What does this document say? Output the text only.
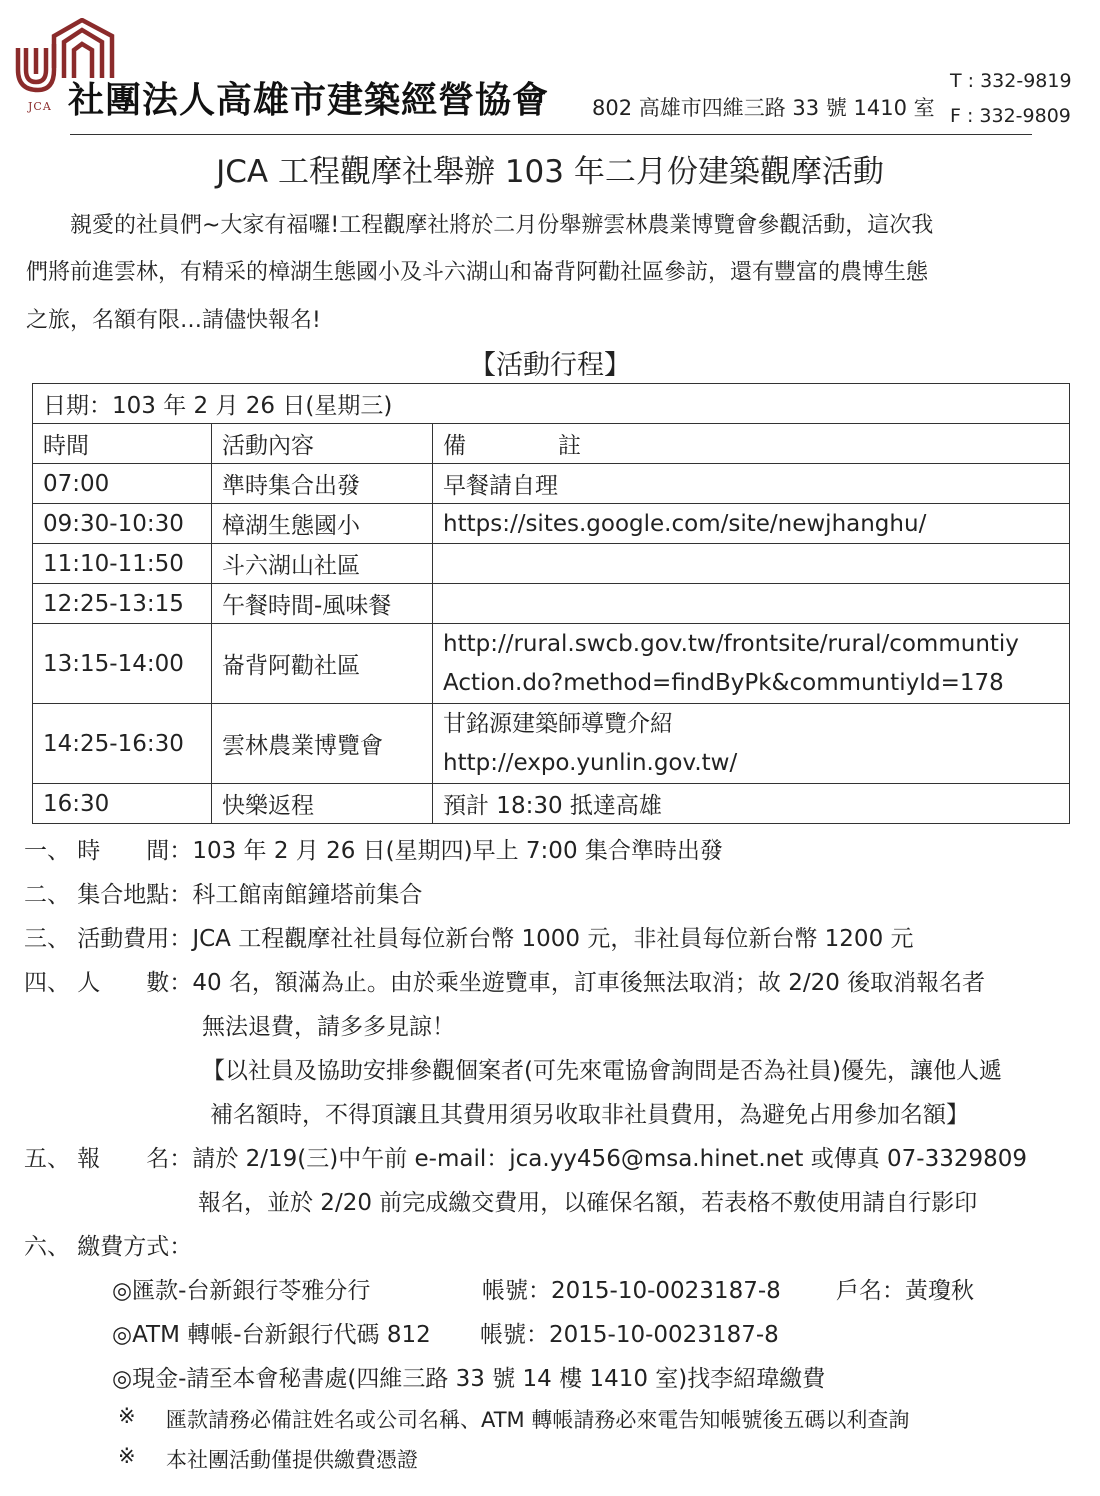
JCA 社團法人高雄市建築經營協會 802 高雄市四維三路 33 號 1410 室
T : 332-9819
F : 332-9809
JCA 工程觀摩社舉辦 103 年二月份建築觀摩活動
　　親愛的社員們~大家有福囉!工程觀摩社將於二月份舉辦雲林農業博覽會參觀活動，這次我
們將前進雲林，有精采的樟湖生態國小及斗六湖山和崙背阿勸社區參訪，還有豐富的農博生態
之旅，名額有限…請儘快報名!
【活動行程】
日期：103 年 2 月 26 日(星期三)		
時間	活動內容	備　　　　註
07:00	準時集合出發	早餐請自理
09:30-10:30	樟湖生態國小	https://sites.google.com/site/newjhanghu/
11:10-11:50	斗六湖山社區	
12:25-13:15	午餐時間-風味餐	
13:15-14:00	崙背阿勸社區	http://rural.swcb.gov.tw/frontsite/rural/communtiy
Action.do?method=findByPk&communtiyId=178

14:25-16:30	雲林農業博覽會	甘銘源建築師導覽介紹
http://expo.yunlin.gov.tw/

16:30	快樂返程	預計 18:30 抵達高雄
一、 時　　間：103 年 2 月 26 日(星期四)早上 7:00 集合準時出發
二、 集合地點：科工館南館鐘塔前集合
三、 活動費用：JCA 工程觀摩社社員每位新台幣 1000 元，非社員每位新台幣 1200 元
四、 人　　數：40 名，額滿為止。由於乘坐遊覽車，訂車後無法取消；故 2/20 後取消報名者
無法退費，請多多見諒！
【以社員及協助安排參觀個案者(可先來電協會詢問是否為社員)優先，讓他人遞
補名額時，不得頂讓且其費用須另收取非社員費用，為避免占用參加名額】
五、 報　　名：請於 2/19(三)中午前 e-mail：jca.yy456@msa.hinet.net 或傳真 07-3329809
報名，並於 2/20 前完成繳交費用，以確保名額，若表格不敷使用請自行影印
六、 繳費方式：
◎匯款-台新銀行苓雅分行	帳號：2015-10-0023187-8 戶名：黃瓊秋
◎ATM 轉帳-台新銀行代碼 812 帳號：2015-10-0023187-8
◎現金-請至本會秘書處(四維三路 33 號 14 樓 1410 室)找李紹瑋繳費
※ 匯款請務必備註姓名或公司名稱、ATM 轉帳請務必來電告知帳號後五碼以利查詢
※ 本社團活動僅提供繳費憑證
